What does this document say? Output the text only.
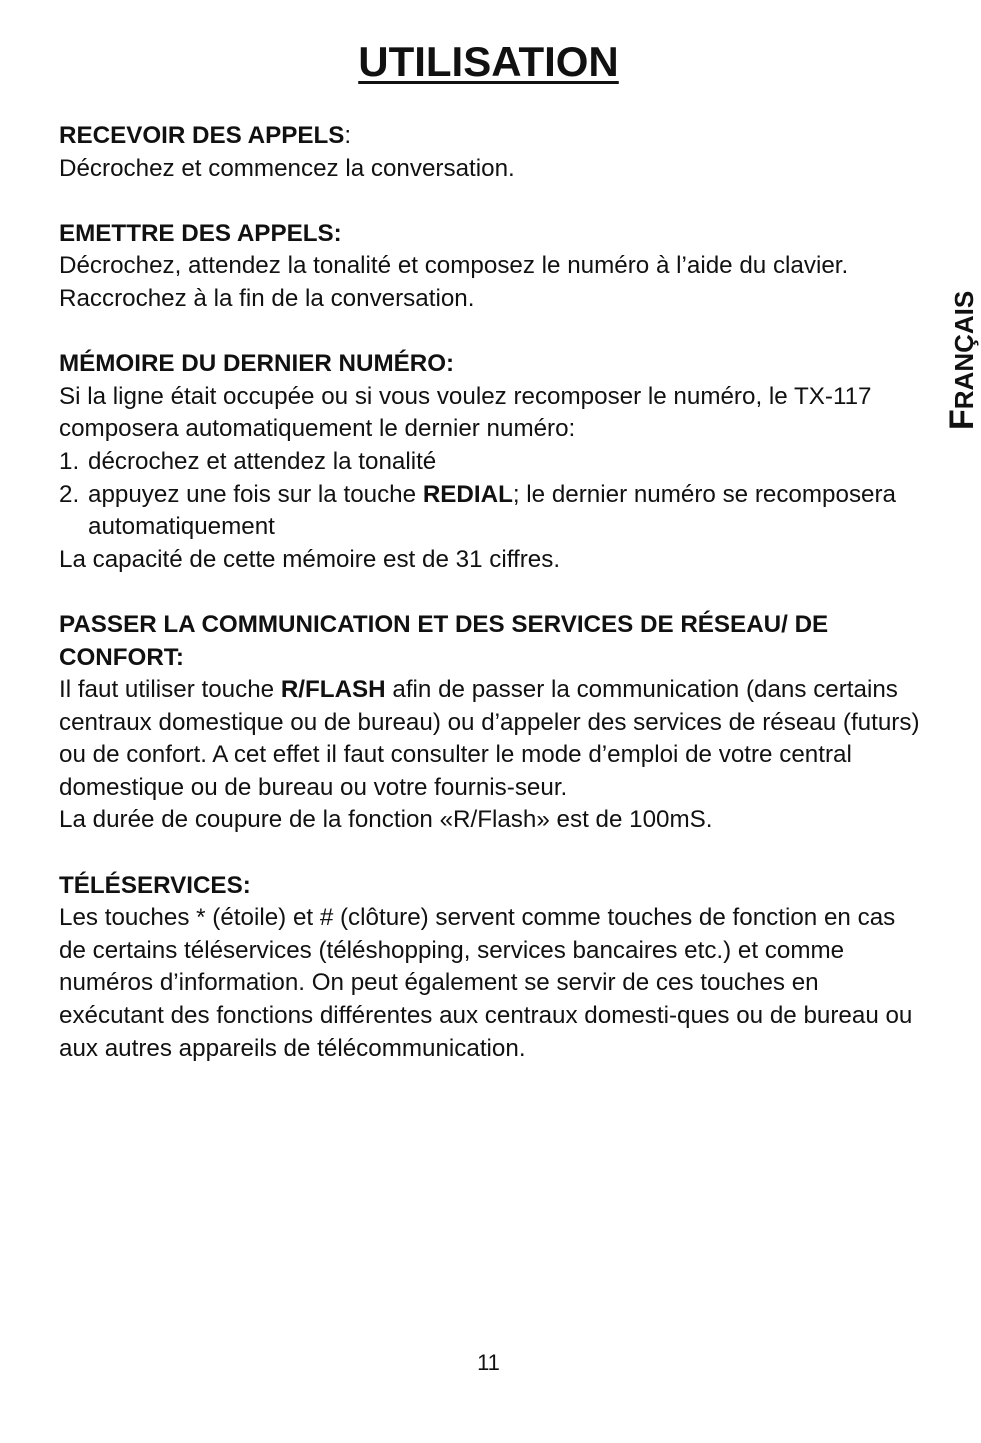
UTILISATION
RECEVOIR DES APPELS:
Décrochez et commencez la conversation.
EMETTRE DES APPELS:
Décrochez, attendez la tonalité et composez le numéro à l’aide du clavier.
Raccrochez à la fin de la conversation.
MÉMOIRE DU DERNIER NUMÉRO:
Si la ligne était occupée ou si vous voulez recomposer le numéro, le TX-117 composera automatiquement le dernier numéro:
1. décrochez et attendez la tonalité
2. appuyez une fois sur la touche REDIAL; le dernier numéro se recomposera automatiquement
La capacité de cette mémoire est de 31 ciffres.
PASSER LA COMMUNICATION ET DES SERVICES DE RÉSEAU/ DE CONFORT:
Il faut utiliser touche R/FLASH afin de passer la communication (dans certains centraux domestique ou de bureau) ou d’appeler des services de réseau (futurs) ou de confort. A cet effet il faut consulter le mode d’emploi de votre central domestique ou de bureau ou votre fournis-seur.
La durée de coupure de la fonction «R/Flash» est de 100mS.
TÉLÉSERVICES:
Les touches * (étoile) et # (clôture) servent comme touches de fonction en cas de certains téléservices (téléshopping, services bancaires etc.) et comme numéros d’information. On peut également se servir de ces touches en exécutant des fonctions différentes aux centraux domesti-ques ou de bureau ou aux autres appareils de télécommunication.
FRANÇAIS
11
